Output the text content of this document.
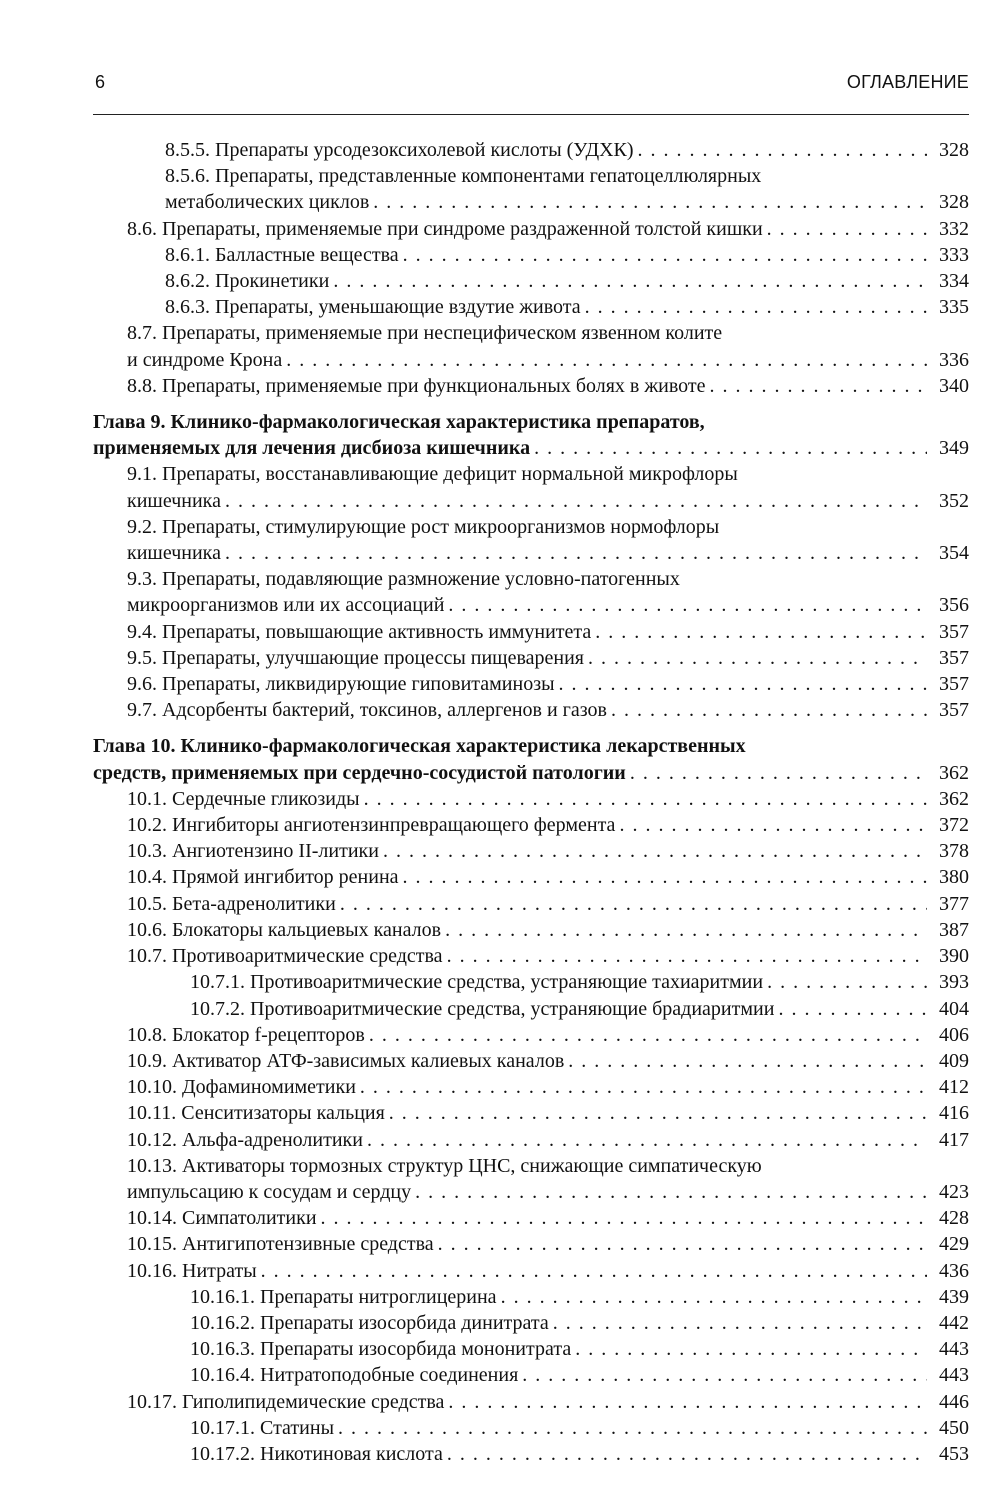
6	ОГЛАВЛЕНИЕ
8.5.5. Препараты урсодезоксихолевой кислоты (УДХК) . . .	328
8.5.6. Препараты, представленные компонентами гепатоцеллюлярных
метаболических циклов . . .	328
8.6. Препараты, применяемые при синдроме раздраженной толстой кишки . . .	332
8.6.1. Балластные вещества . . .	333
8.6.2. Прокинетики . . .	334
8.6.3. Препараты, уменьшающие вздутие живота . . .	335
8.7. Препараты, применяемые при неспецифическом язвенном колите
и синдроме Крона . . .	336
8.8. Препараты, применяемые при функциональных болях в животе . . .	340
Глава 9. Клинико-фармакологическая характеристика препаратов,
применяемых для лечения дисбиоза кишечника . . .	349
9.1. Препараты, восстанавливающие дефицит нормальной микрофлоры
кишечника . . .	352
9.2. Препараты, стимулирующие рост микроорганизмов нормофлоры
кишечника . . .	354
9.3. Препараты, подавляющие размножение условно-патогенных
микроорганизмов или их ассоциаций . . .	356
9.4. Препараты, повышающие активность иммунитета . . .	357
9.5. Препараты, улучшающие процессы пищеварения . . .	357
9.6. Препараты, ликвидирующие гиповитаминозы . . .	357
9.7. Адсорбенты бактерий, токсинов, аллергенов и газов . . .	357
Глава 10. Клинико-фармакологическая характеристика лекарственных
средств, применяемых при сердечно-сосудистой патологии . . .	362
10.1. Сердечные гликозиды . . .	362
10.2. Ингибиторы ангиотензинпревращающего фермента . . .	372
10.3. Ангиотензино II-литики . . .	378
10.4. Прямой ингибитор ренина . . .	380
10.5. Бета-адренолитики . . .	377
10.6. Блокаторы кальциевых каналов . . .	387
10.7. Противоаритмические средства . . .	390
10.7.1. Противоаритмические средства, устраняющие тахиаритмии . . .	393
10.7.2. Противоаритмические средства, устраняющие брадиаритмии . . .	404
10.8. Блокатор f-рецепторов . . .	406
10.9. Активатор АТФ-зависимых калиевых каналов . . .	409
10.10. Дофаминомиметики . . .	412
10.11. Сенситизаторы кальция . . .	416
10.12. Альфа-адренолитики . . .	417
10.13. Активаторы тормозных структур ЦНС, снижающие симпатическую
импульсацию к сосудам и сердцу . . .	423
10.14. Симпатолитики . . .	428
10.15. Антигипотензивные средства . . .	429
10.16. Нитраты . . .	436
10.16.1. Препараты нитроглицерина . . .	439
10.16.2. Препараты изосорбида динитрата . . .	442
10.16.3. Препараты изосорбида мононитрата . . .	443
10.16.4. Нитратоподобные соединения . . .	443
10.17. Гиполипидемические средства . . .	446
10.17.1. Статины . . .	450
10.17.2. Никотиновая кислота . . .	453
